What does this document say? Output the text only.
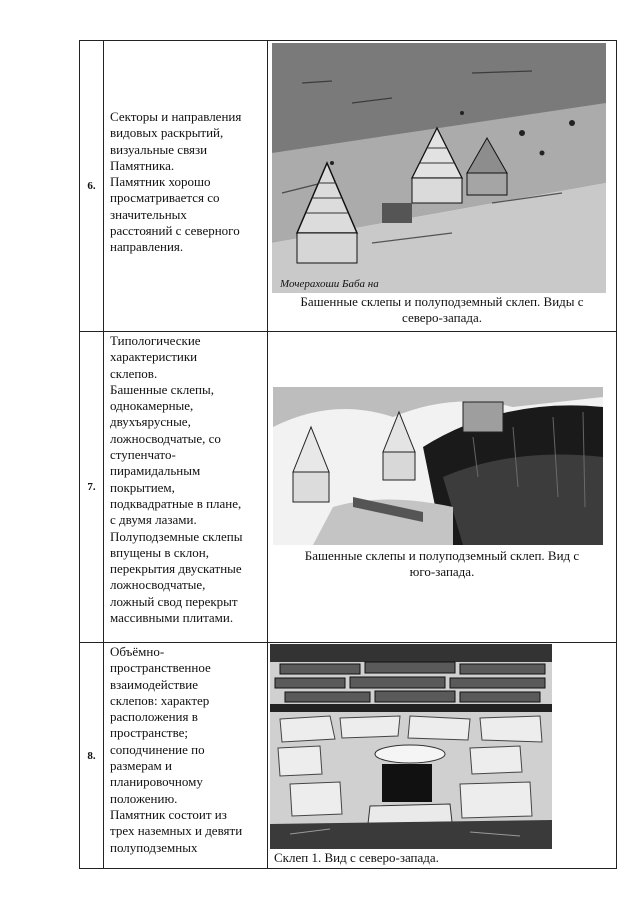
6.
Секторы и направления
видовых раскрытий,
визуальные связи
Памятника.
Памятник хорошо
просматривается со
значительных
расстояний с северного
направления.
Мочерахоши Баба на
Башенные склепы и полуподземный склеп. Виды с
северо-запада.
7.
Типологические
характеристики
склепов.
Башенные склепы,
однокамерные,
двухъярусные,
ложносводчатые, со
ступенчато-
пирамидальным
покрытием,
подквадратные в плане,
с двумя лазами.
Полуподземные склепы
впущены в склон,
перекрытия двускатные
ложносводчатые,
ложный свод перекрыт
массивными плитами.
Башенные склепы и полуподземный склеп. Вид с
юго-запада.
8.
Объёмно-
пространственное
взаимодействие
склепов: характер
расположения в
пространстве;
соподчинение по
размерам и
планировочному
положению.
Памятник состоит из
трех наземных и девяти
полуподземных
Склеп 1. Вид с северо-запада.
